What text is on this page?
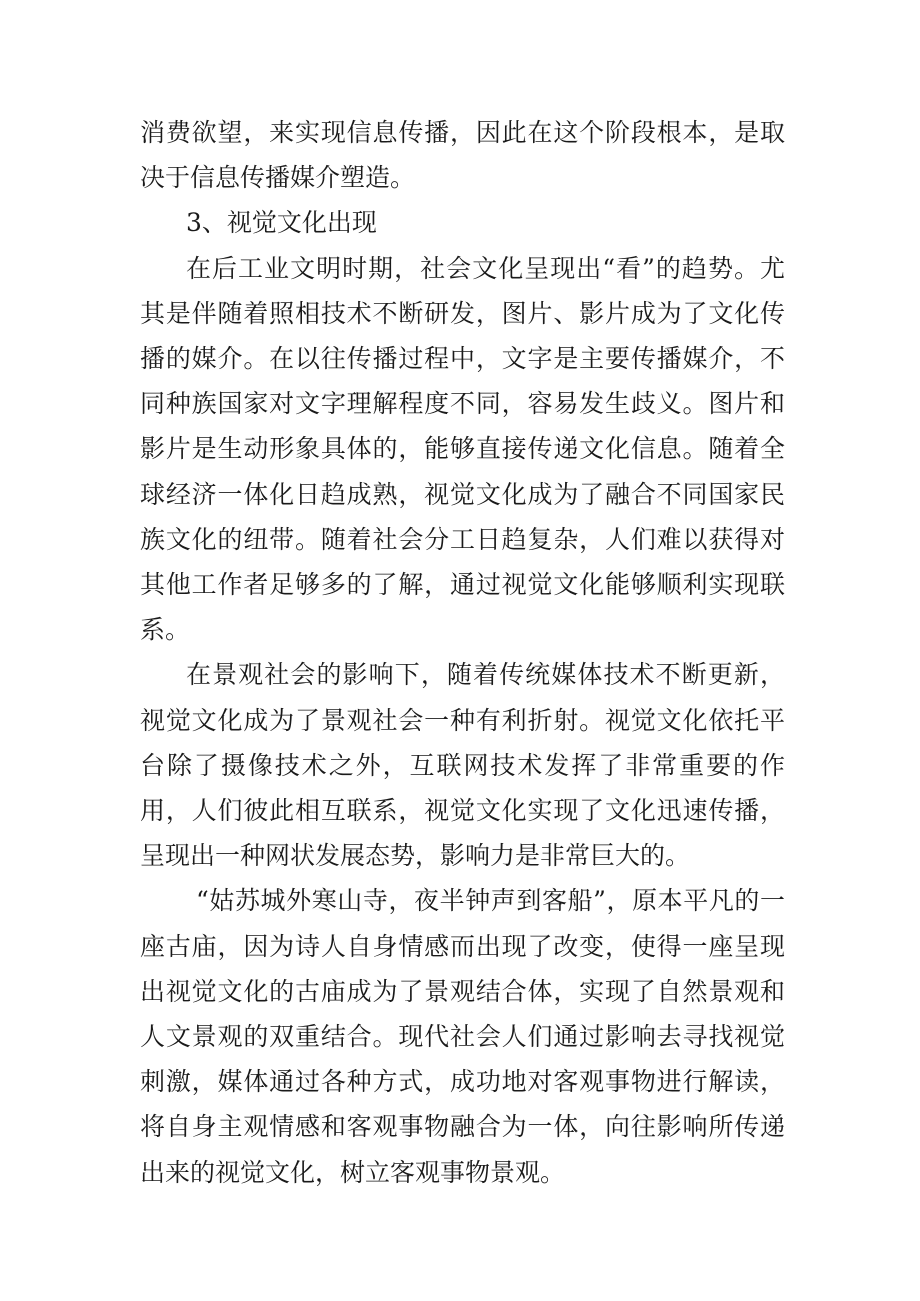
消费欲望，来实现信息传播，因此在这个阶段根本，是取决于信息传播媒介塑造。

3、视觉文化出现

在后工业文明时期，社会文化呈现出“看”的趋势。尤其是伴随着照相技术不断研发，图片、影片成为了文化传播的媒介。在以往传播过程中，文字是主要传播媒介，不同种族国家对文字理解程度不同，容易发生歧义。图片和影片是生动形象具体的，能够直接传递文化信息。随着全球经济一体化日趋成熟，视觉文化成为了融合不同国家民族文化的纽带。随着社会分工日趋复杂，人们难以获得对其他工作者足够多的了解，通过视觉文化能够顺利实现联系。

在景观社会的影响下，随着传统媒体技术不断更新，视觉文化成为了景观社会一种有利折射。视觉文化依托平台除了摄像技术之外，互联网技术发挥了非常重要的作用，人们彼此相互联系，视觉文化实现了文化迅速传播，呈现出一种网状发展态势，影响力是非常巨大的。

“姑苏城外寒山寺，夜半钟声到客船”，原本平凡的一座古庙，因为诗人自身情感而出现了改变，使得一座呈现出视觉文化的古庙成为了景观结合体，实现了自然景观和人文景观的双重结合。现代社会人们通过影响去寻找视觉刺激，媒体通过各种方式，成功地对客观事物进行解读，将自身主观情感和客观事物融合为一体，向往影响所传递出来的视觉文化，树立客观事物景观。
